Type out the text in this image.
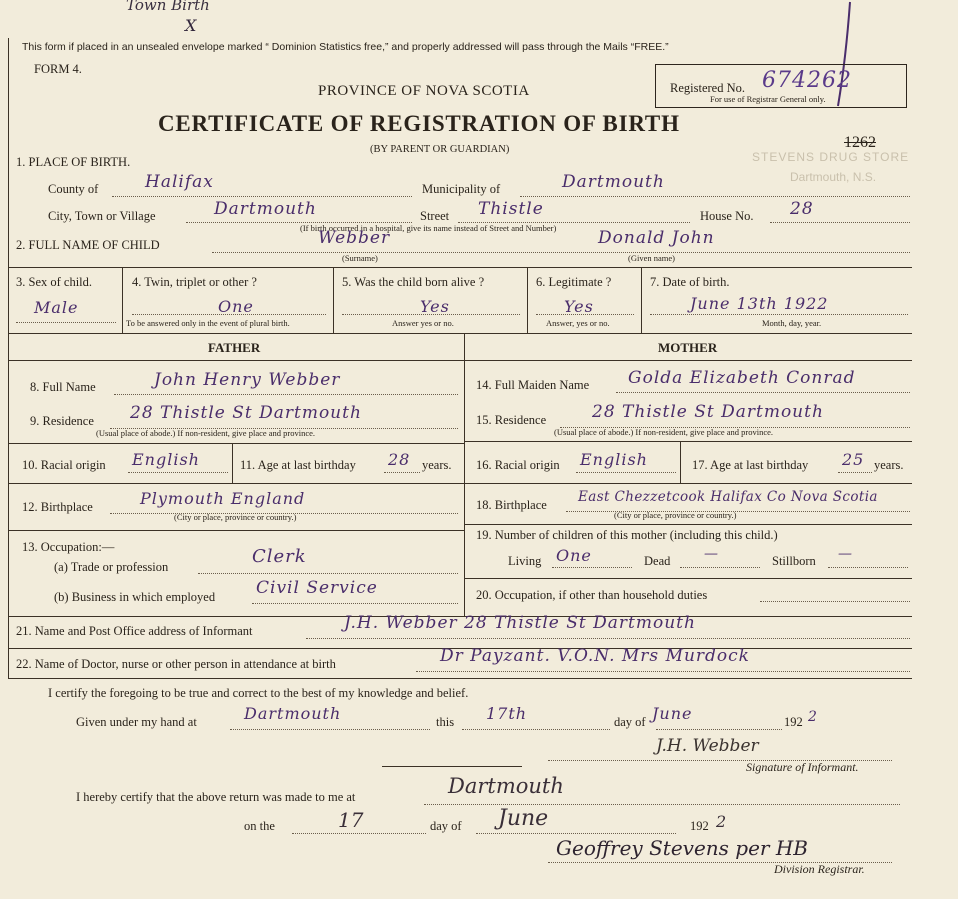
Town Birth
X
This form if placed in an unsealed envelope marked “ Dominion Statistics free,” and properly addressed will pass through the Mails “FREE.”
FORM 4.
PROVINCE OF NOVA SCOTIA
CERTIFICATE OF REGISTRATION OF BIRTH
(BY PARENT OR GUARDIAN)
Registered No. 674262
For use of Registrar General only.
1262
STEVENS DRUG STORE
Dartmouth, N.S.
1. PLACE OF BIRTH.
County of	Halifax	Municipality of	Dartmouth
City, Town or Village	Dartmouth	Street Thistle	House No. 28
(If birth occurred in a hospital, give its name instead of Street and Number)
2. FULL NAME OF CHILD	Webber
(Surname)
Donald John
(Given name)
3. Sex of child.
Male
4. Twin, triplet or other ?
One
To be answered only in the event of plural birth.
5. Was the child born alive ?
Yes
Answer yes or no.
6. Legitimate ?
Yes
Answer, yes or no.
7. Date of birth.
June 13th 1922
Month, day, year.
FATHER	MOTHER
8. Full Name	John Henry Webber
9. Residence 28 Thistle St Dartmouth
(Usual place of abode.) If non-resident, give place and province.
10. Racial origin English	11. Age at last birthday 28 years.
12. Birthplace	Plymouth England
(City or place, province or country.)
13. Occupation:—
(a) Trade or profession	Clerk
(b) Business in which employed Civil Service
14. Full Maiden Name Golda Elizabeth Conrad
15. Residence	28 Thistle St Dartmouth
(Usual place of abode.) If non-resident, give place and province.
16. Racial origin English	17. Age at last birthday 25 years.
18. Birthplace East Chezzetcook Halifax Co Nova Scotia
(City or place, province or country.)
19. Number of children of this mother (including this child.)
Living One	Dead —	Stillborn —
20. Occupation, if other than household duties
21. Name and Post Office address of Informant	J.H. Webber 28 Thistle St Dartmouth
22. Name of Doctor, nurse or other person in attendance at birth	Dr Payzant. V.O.N. Mrs Murdock
I certify the foregoing to be true and correct to the best of my knowledge and belief.
Given under my hand at	Dartmouth	this 17th	day of June	192 2
J.H. Webber
Signature of Informant.
I hereby certify that the above return was made to me at	Dartmouth
on the	17	day of June	192 2
Geoffrey Stevens per HB
Division Registrar.
